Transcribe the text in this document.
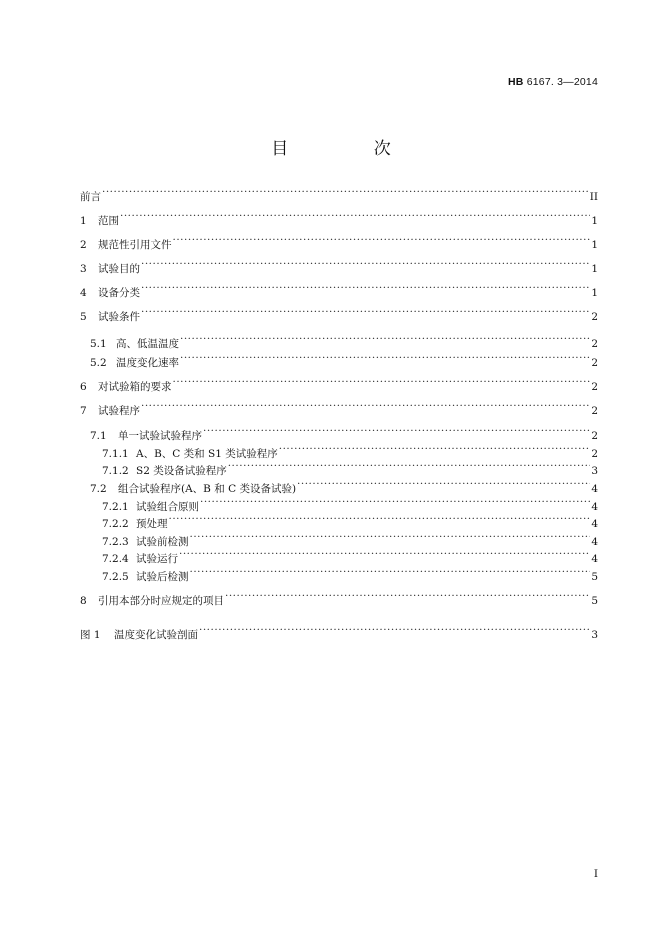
HB 6167. 3—2014
目 次
前言 ·····	II
1	范围 ·····	1
2	规范性引用文件 ·····	1
3	试验目的 ·····	1
4	设备分类 ·····	1
5	试验条件 ·····	2
5.1 高、低温温度 ·····	2
5.2 温度变化速率 ·····	2
6	对试验箱的要求 ·····	2
7	试验程序 ·····	2
7.1	单一试验试验程序 ·····	2
7.1.1 A、B、C 类和 S1 类试验程序 ·····	2
7.1.2 S2 类设备试验程序 ·····	3
7.2	组合试验程序(A、B 和 C 类设备试验) ·····	4
7.2.1 试验组合原则 ·····	4
7.2.2 预处理 ·····	4
7.2.3 试验前检测 ·····	4
7.2.4 试验运行 ·····	4
7.2.5 试验后检测 ·····	5
8	引用本部分时应规定的项目 ·····	5
图 1	温度变化试验剖面 ·····	3
I
